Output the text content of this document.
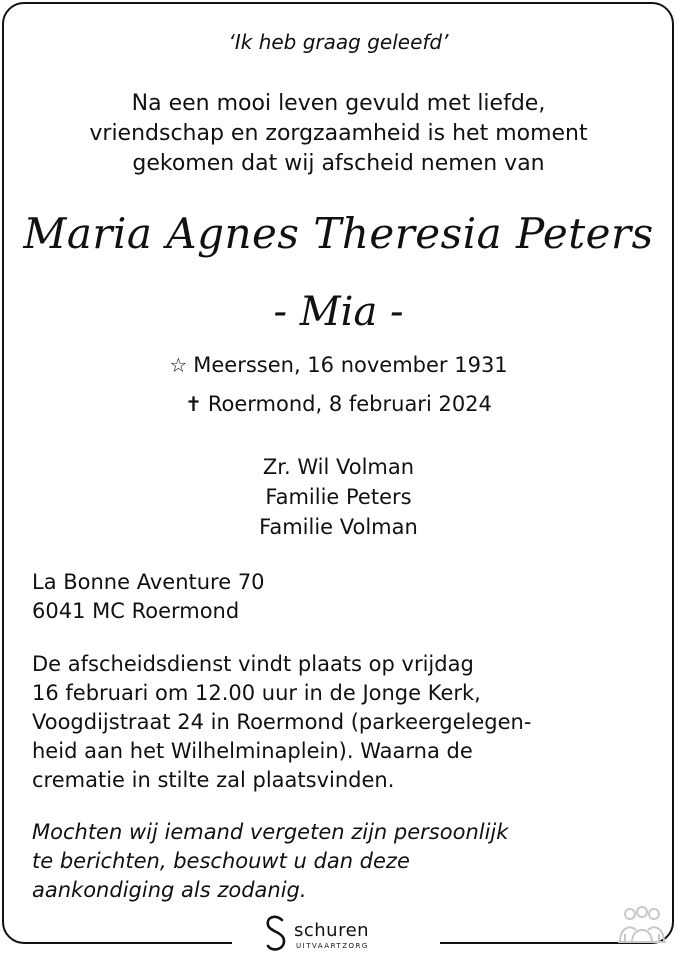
‘Ik heb graag geleefd’
Na een mooi leven gevuld met liefde,
vriendschap en zorgzaamheid is het moment
gekomen dat wij afscheid nemen van
Maria Agnes Theresia Peters
- Mia -
☆ Meerssen, 16 november 1931
✝ Roermond, 8 februari 2024
Zr. Wil Volman
Familie Peters
Familie Volman
La Bonne Aventure 70
6041 MC Roermond
De afscheidsdienst vindt plaats op vrijdag
16 februari om 12.00 uur in de Jonge Kerk,
Voogdijstraat 24 in Roermond (parkeergelegen-
heid aan het Wilhelminaplein). Waarna de
crematie in stilte zal plaatsvinden.
Mochten wij iemand vergeten zijn persoonlijk
te berichten, beschouwt u dan deze
aankondiging als zodanig.
schuren
UITVAARTZORG
